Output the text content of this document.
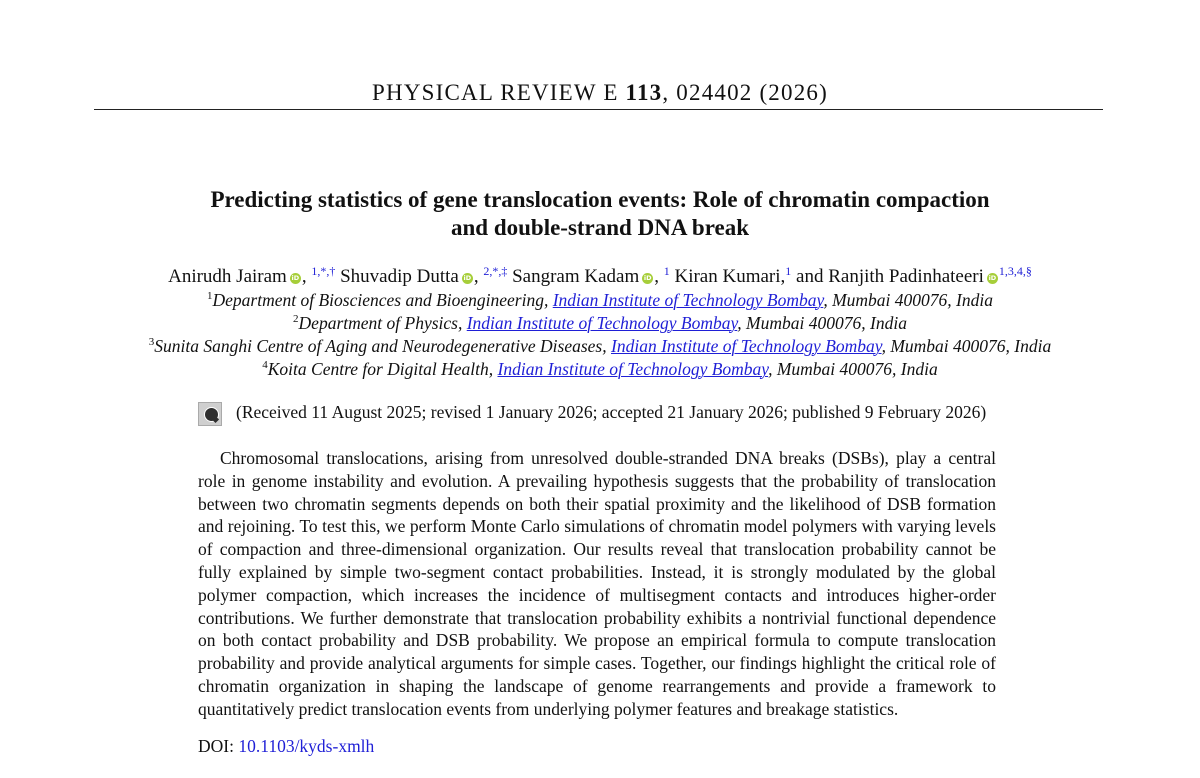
PHYSICAL REVIEW E 113, 024402 (2026)
Predicting statistics of gene translocation events: Role of chromatin compaction
and double-strand DNA break
Anirudh Jairam iD , $^{1,*,\dagger}$ Shuvadip Dutta iD , $^{2,*,\ddagger}$ Sangram Kadam iD , $^1$ Kiran Kumari,$^1$ and Ranjith Padinhateeri iD $^{1,3,4,\S}$
$^1$Department of Biosciences and Bioengineering, Indian Institute of Technology Bombay, Mumbai 400076, India
$^2$Department of Physics, Indian Institute of Technology Bombay, Mumbai 400076, India
$^3$Sunita Sanghi Centre of Aging and Neurodegenerative Diseases, Indian Institute of Technology Bombay, Mumbai 400076, India
$^4$Koita Centre for Digital Health, Indian Institute of Technology Bombay, Mumbai 400076, India
(Received 11 August 2025; revised 1 January 2026; accepted 21 January 2026; published 9 February 2026)
Chromosomal translocations, arising from unresolved double-stranded DNA breaks (DSBs), play a central role in genome instability and evolution. A prevailing hypothesis suggests that the probability of translocation between two chromatin segments depends on both their spatial proximity and the likelihood of DSB formation and rejoining. To test this, we perform Monte Carlo simulations of chromatin model polymers with varying levels of compaction and three-dimensional organization. Our results reveal that translocation probability cannot be fully explained by simple two-segment contact probabilities. Instead, it is strongly modulated by the global polymer compaction, which increases the incidence of multisegment contacts and introduces higher-order contributions. We further demonstrate that translocation probability exhibits a nontrivial functional dependence on both contact probability and DSB probability. We propose an empirical formula to compute translocation probability and provide analytical arguments for simple cases. Together, our findings highlight the critical role of chromatin organization in shaping the landscape of genome rearrangements and provide a framework to quantitatively predict translocation events from underlying polymer features and breakage statistics.
DOI: 10.1103/kyds-xmlh
